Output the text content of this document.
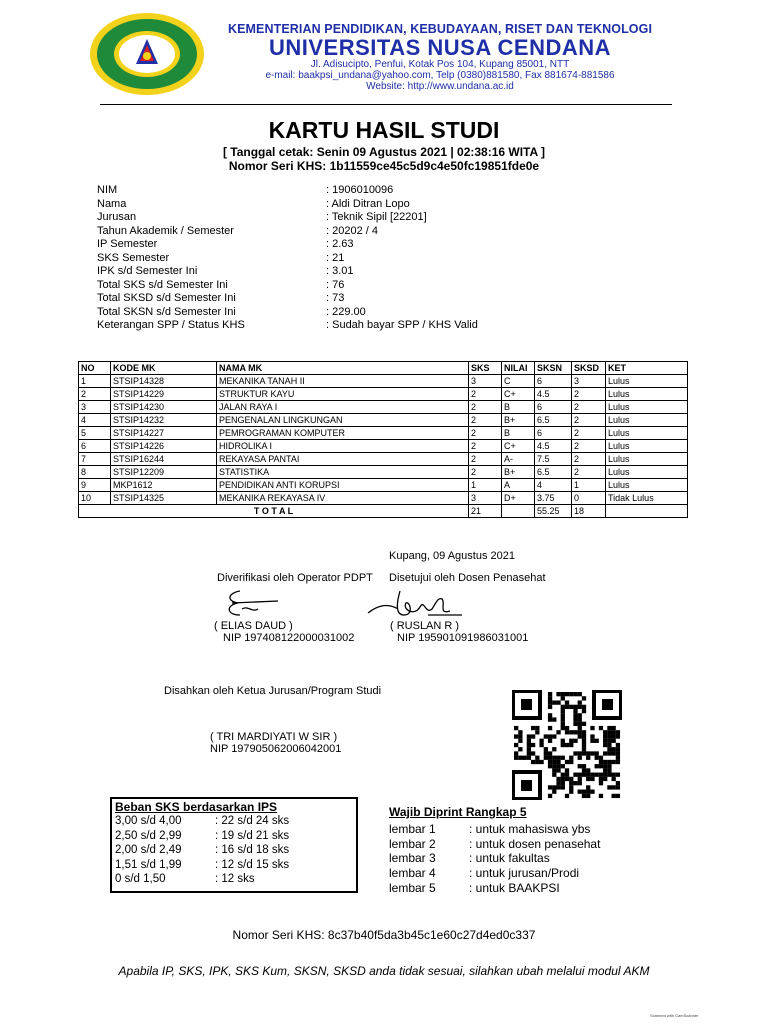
KEMENTERIAN PENDIDIKAN, KEBUDAYAAN, RISET DAN TEKNOLOGI
UNIVERSITAS NUSA CENDANA
Jl. Adisucipto, Penfui, Kotak Pos 104, Kupang 85001, NTT
e-mail: baakpsi_undana@yahoo.com, Telp (0380)881580, Fax 881674-881586
Website: http://www.undana.ac.id
KARTU HASIL STUDI
[ Tanggal cetak: Senin 09 Agustus 2021 | 02:38:16 WITA ]
Nomor Seri KHS: 1b11559ce45c5d9c4e50fc19851fde0e
NIM	: 1906010096
Nama	: Aldi Ditran Lopo
Jurusan	: Teknik Sipil [22201]
Tahun Akademik / Semester	: 20202 / 4
IP Semester	: 2.63
SKS Semester	: 21
IPK s/d Semester Ini	: 3.01
Total SKS s/d Semester Ini	: 76
Total SKSD s/d Semester Ini	: 73
Total SKSN s/d Semester Ini	: 229.00
Keterangan SPP / Status KHS	: Sudah bayar SPP / KHS Valid
NO	KODE MK	NAMA MK	SKS	NILAI	SKSN	SKSD	KET
1	STSIP14328	MEKANIKA TANAH II	3	C	6	3	Lulus
2	STSIP14229	STRUKTUR KAYU	2	C+	4.5	2	Lulus
3	STSIP14230	JALAN RAYA I	2	B	6	2	Lulus
4	STSIP14232	PENGENALAN LINGKUNGAN	2	B+	6.5	2	Lulus
5	STSIP14227	PEMROGRAMAN KOMPUTER	2	B	6	2	Lulus
6	STSIP14226	HIDROLIKA I	2	C+	4.5	2	Lulus
7	STSIP16244	REKAYASA PANTAI	2	A-	7.5	2	Lulus
8	STSIP12209	STATISTIKA	2	B+	6.5	2	Lulus
9	MKP1612	PENDIDIKAN ANTI KORUPSI	1	A	4	1	Lulus
10	STSIP14325	MEKANIKA REKAYASA IV	3	D+	3.75	0	Tidak Lulus
T O T A L			21		55.25	18	
Kupang, 09 Agustus 2021
Diverifikasi oleh Operator PDPT Disetujui oleh Dosen Penasehat
( ELIAS DAUD )
NIP 197408122000031002
( RUSLAN R )
NIP 195901091986031001
Disahkan oleh Ketua Jurusan/Program Studi
( TRI MARDIYATI W SIR )
NIP 197905062006042001
Beban SKS berdasarkan IPS
3,00 s/d 4,00	: 22 s/d 24 sks
2,50 s/d 2,99	: 19 s/d 21 sks
2,00 s/d 2,49	: 16 s/d 18 sks
1,51 s/d 1,99	: 12 s/d 15 sks
0 s/d 1,50	: 12 sks
Wajib Diprint Rangkap 5
lembar 1	: untuk mahasiswa ybs
lembar 2	: untuk dosen penasehat
lembar 3	: untuk fakultas
lembar 4	: untuk jurusan/Prodi
lembar 5	: untuk BAAKPSI
Nomor Seri KHS: 8c37b40f5da3b45c1e60c27d4ed0c337
Apabila IP, SKS, IPK, SKS Kum, SKSN, SKSD anda tidak sesuai, silahkan ubah melalui modul AKM
Scanned with CamScanner
